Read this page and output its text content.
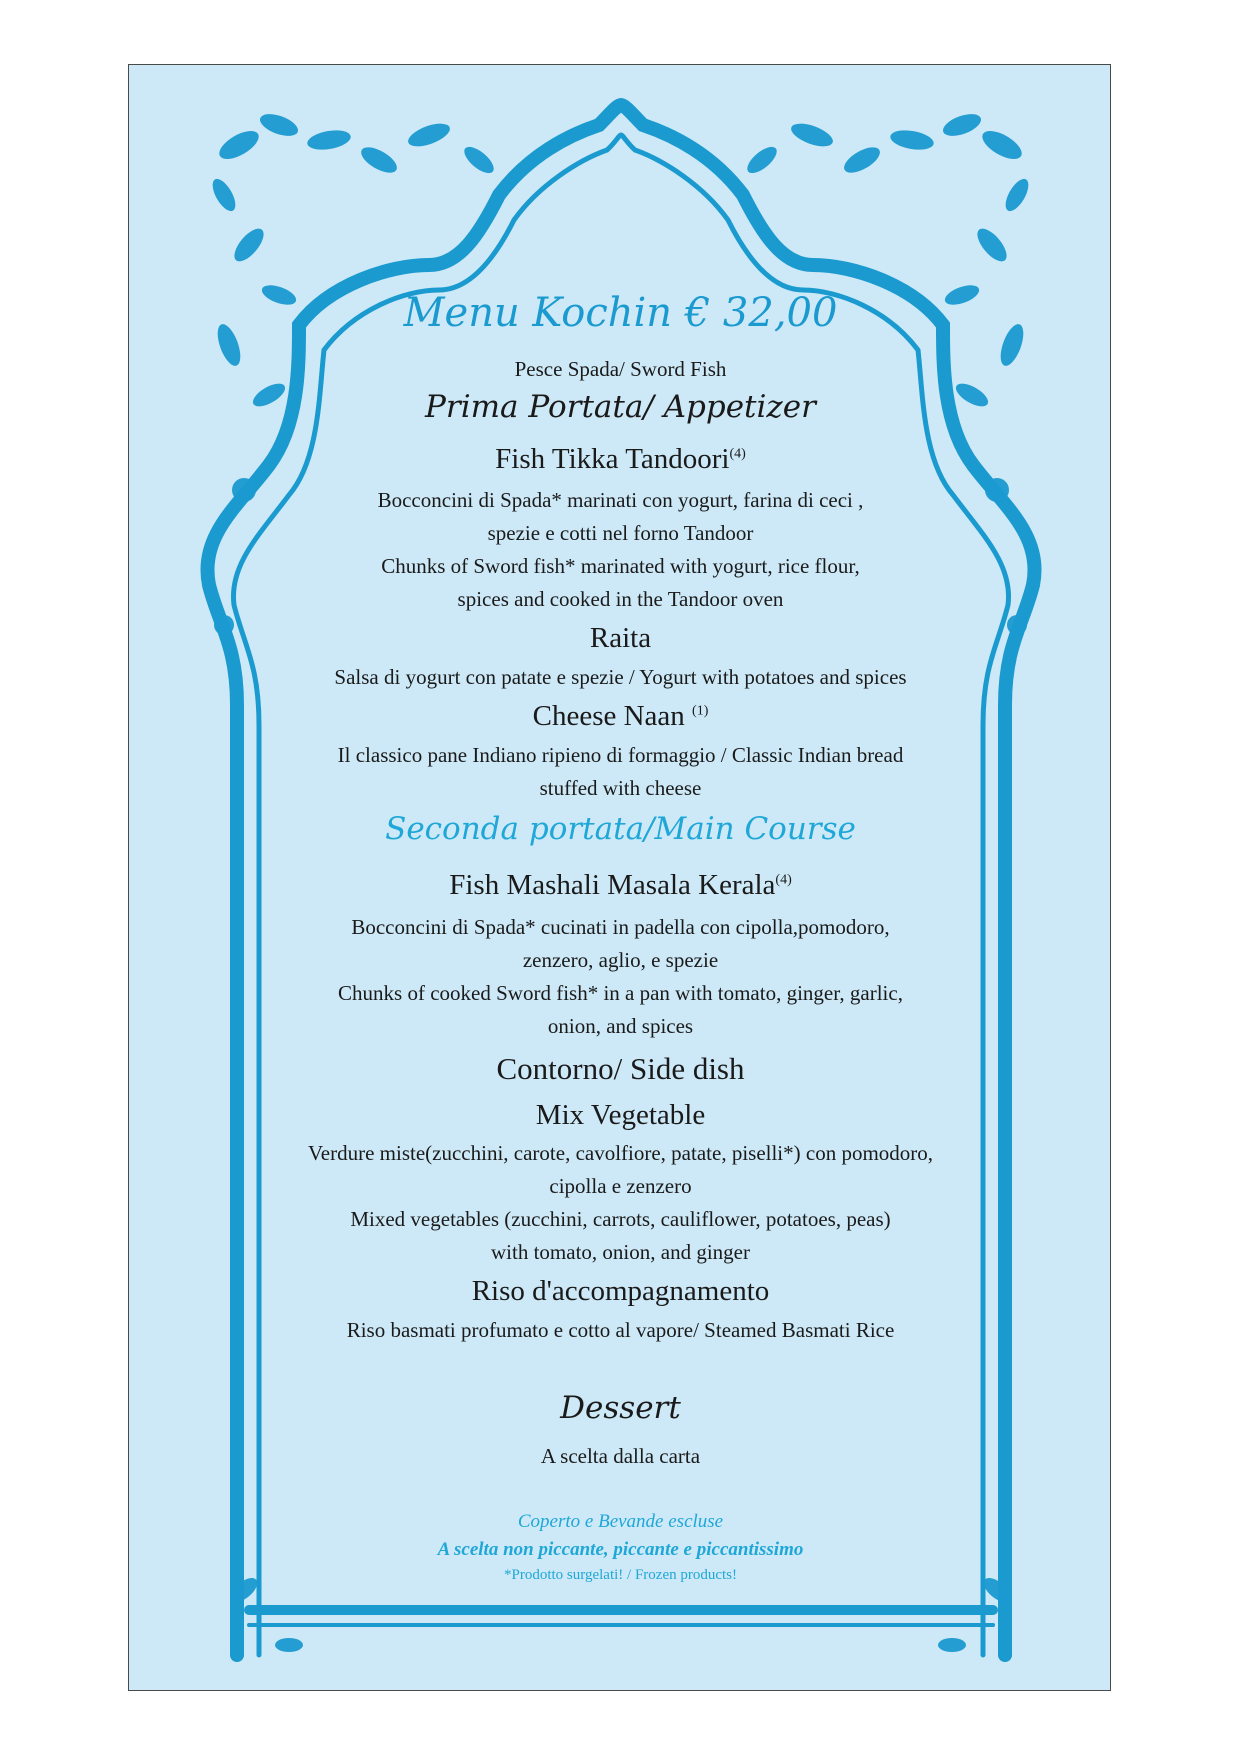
Menu Kochin € 32,00
Pesce Spada/ Sword Fish
Prima Portata/ Appetizer
Fish Tikka Tandoori$^{(4)}$
Bocconcini di Spada* marinati con yogurt, farina di ceci ,
spezie e cotti nel forno Tandoor
Chunks of Sword fish* marinated with yogurt, rice flour,
spices and cooked in the Tandoor oven
Raita
Salsa di yogurt con patate e spezie / Yogurt with potatoes and spices
Cheese Naan $^{(1)}$
Il classico pane Indiano ripieno di formaggio / Classic Indian bread
stuffed with cheese
Seconda portata/Main Course
Fish Mashali Masala Kerala$^{(4)}$
Bocconcini di Spada* cucinati in padella con cipolla,pomodoro,
zenzero, aglio, e spezie
Chunks of cooked Sword fish* in a pan with tomato, ginger, garlic,
onion, and spices
Contorno/ Side dish
Mix Vegetable
Verdure miste(zucchini, carote, cavolfiore, patate, piselli*) con pomodoro,
cipolla e zenzero
Mixed vegetables (zucchini, carrots, cauliflower, potatoes, peas)
with tomato, onion, and ginger
Riso d'accompagnamento
Riso basmati profumato e cotto al vapore/ Steamed Basmati Rice
Dessert
A scelta dalla carta
Coperto e Bevande escluse
A scelta non piccante, piccante e piccantissimo
*Prodotto surgelati! / Frozen products!
